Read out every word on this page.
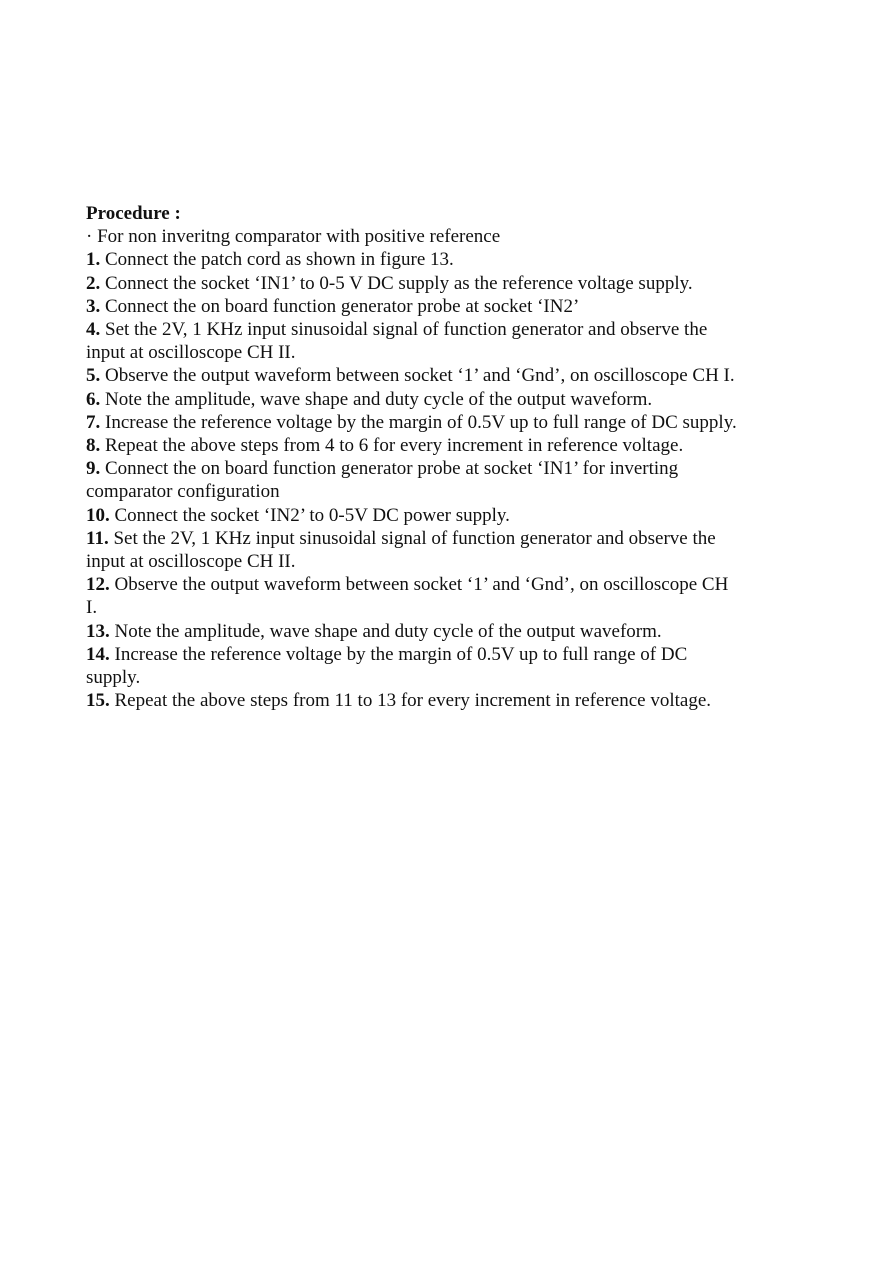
Procedure :
· For non inveritng comparator with positive reference
1. Connect the patch cord as shown in figure 13.
2. Connect the socket ‘IN1’ to 0-5 V DC supply as the reference voltage supply.
3. Connect the on board function generator probe at socket ‘IN2’
4. Set the 2V, 1 KHz input sinusoidal signal of function generator and observe the
input at oscilloscope CH II.
5. Observe the output waveform between socket ‘1’ and ‘Gnd’, on oscilloscope CH I.
6. Note the amplitude, wave shape and duty cycle of the output waveform.
7. Increase the reference voltage by the margin of 0.5V up to full range of DC supply.
8. Repeat the above steps from 4 to 6 for every increment in reference voltage.
9. Connect the on board function generator probe at socket ‘IN1’ for inverting
comparator configuration
10. Connect the socket ‘IN2’ to 0-5V DC power supply.
11. Set the 2V, 1 KHz input sinusoidal signal of function generator and observe the
input at oscilloscope CH II.
12. Observe the output waveform between socket ‘1’ and ‘Gnd’, on oscilloscope CH
I.
13. Note the amplitude, wave shape and duty cycle of the output waveform.
14. Increase the reference voltage by the margin of 0.5V up to full range of DC
supply.
15. Repeat the above steps from 11 to 13 for every increment in reference voltage.
